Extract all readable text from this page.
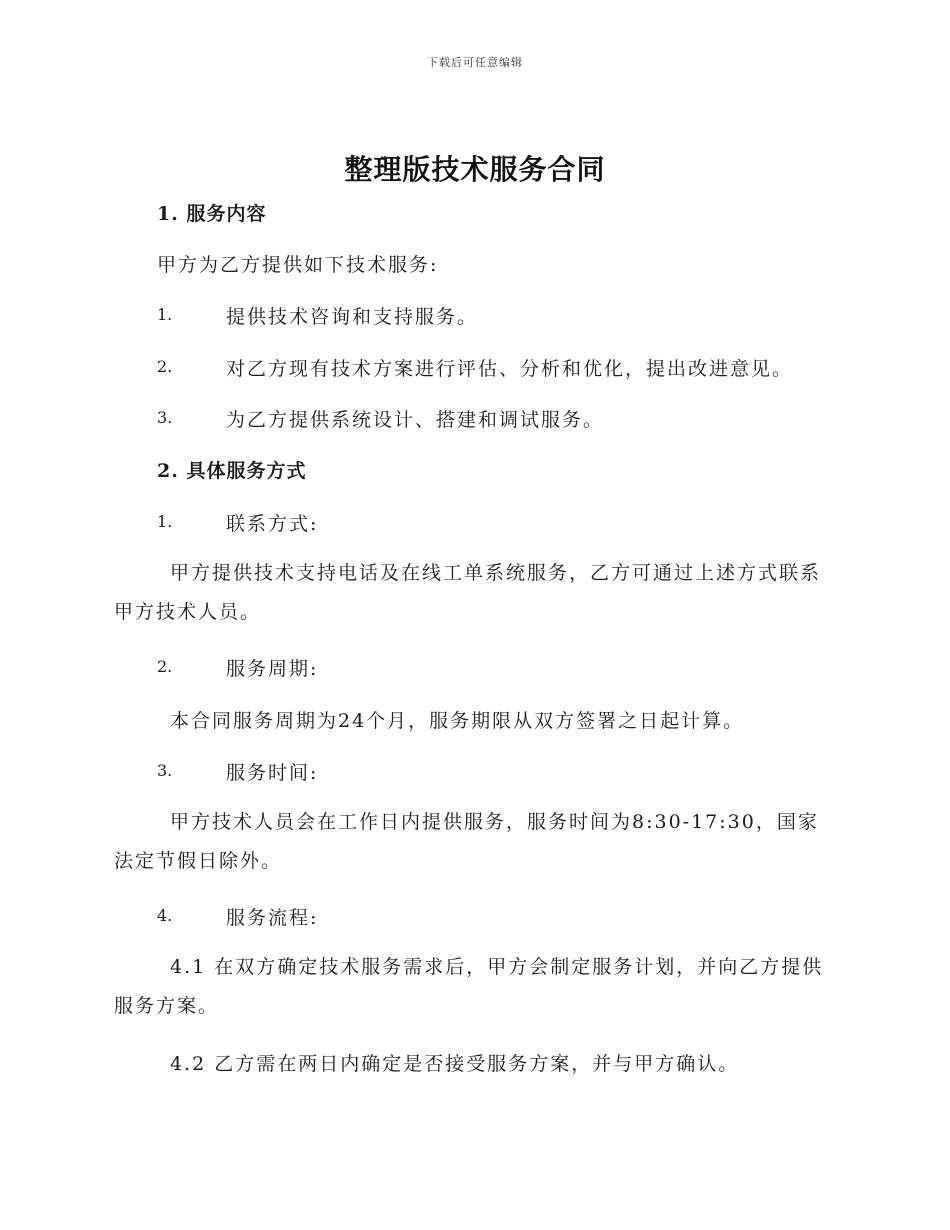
下载后可任意编辑
整理版技术服务合同
1. 服务内容
甲方为乙方提供如下技术服务:
1.	提供技术咨询和支持服务。
2.	对乙方现有技术方案进行评估、分析和优化，提出改进意见。
3.	为乙方提供系统设计、搭建和调试服务。
2. 具体服务方式
1.	联系方式:
甲方提供技术支持电话及在线工单系统服务，乙方可通过上述方式联系甲方技术人员。
2.	服务周期:
本合同服务周期为24个月，服务期限从双方签署之日起计算。
3.	服务时间:
甲方技术人员会在工作日内提供服务，服务时间为8:30-17:30，国家法定节假日除外。
4.	服务流程:
4.1 在双方确定技术服务需求后，甲方会制定服务计划，并向乙方提供服务方案。
4.2 乙方需在两日内确定是否接受服务方案，并与甲方确认。
